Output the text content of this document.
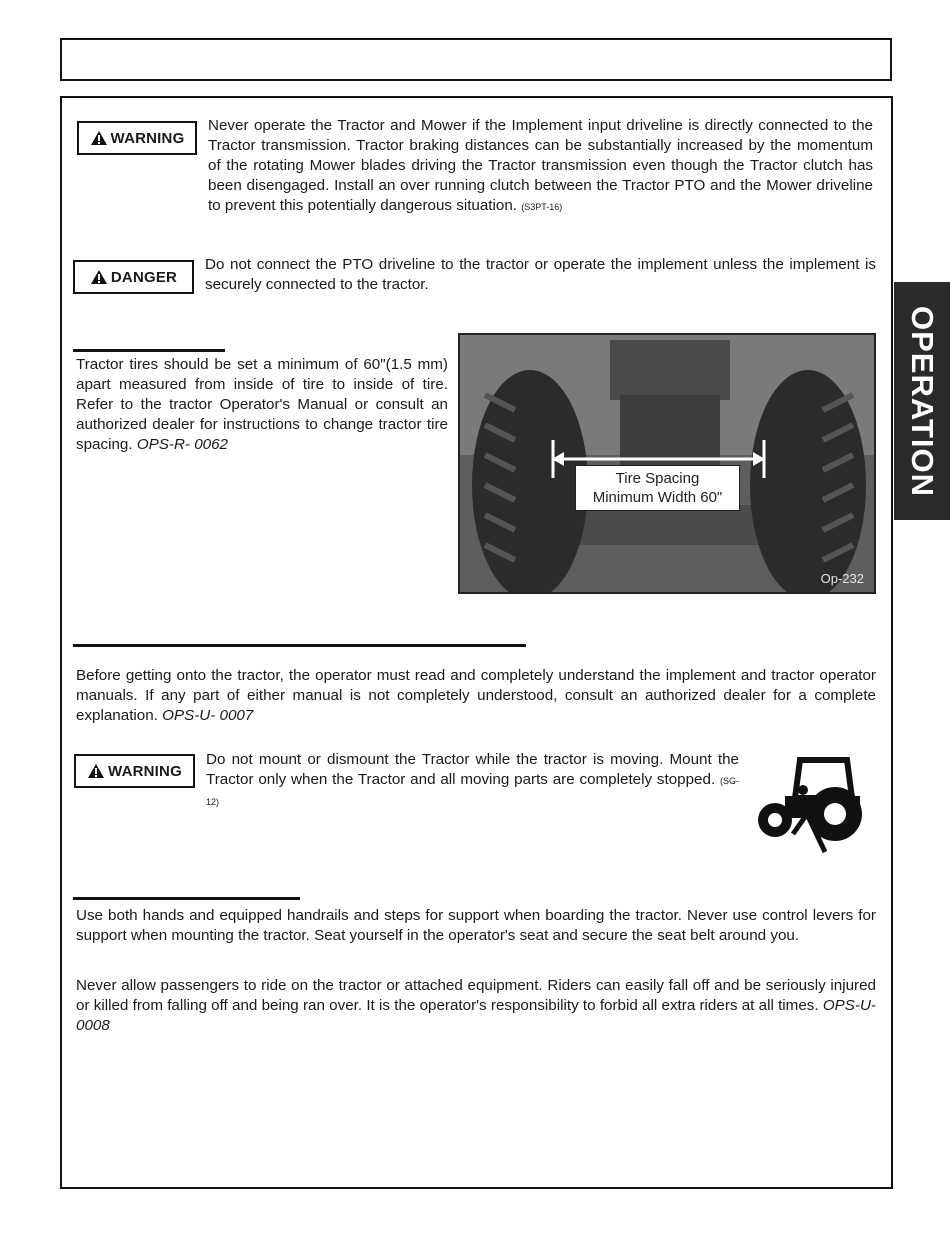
OPERATION
WARNING
Never operate the Tractor and Mower if the Implement input driveline is directly connected to the Tractor transmission. Tractor braking distances can be substantially increased by the momentum of the rotating Mower blades driving the Tractor transmission even though the Tractor clutch has been disengaged. Install an over running clutch between the Tractor PTO and the Mower driveline to prevent this potentially dangerous situation. (S3PT-16)
DANGER
Do not connect the PTO driveline to the tractor or operate the implement unless the implement is securely connected to the tractor.
Tractor tires should be set a minimum of 60"(1.5 mm) apart measured from inside of tire to inside of tire. Refer to the tractor Operator's Manual or consult an authorized dealer for instructions to change tractor tire spacing. OPS-R- 0062
Tire Spacing
Minimum Width 60"
Op-232
Before getting onto the tractor, the operator must read and completely understand the implement and tractor operator manuals. If any part of either manual is not completely understood, consult an authorized dealer for a complete explanation. OPS-U- 0007
WARNING
Do not mount or dismount the Tractor while the tractor is moving. Mount the Tractor only when the Tractor and all moving parts are completely stopped. (SG-12)
Use both hands and equipped handrails and steps for support when boarding the tractor. Never use control levers for support when mounting the tractor. Seat yourself in the operator's seat and secure the seat belt around you.
Never allow passengers to ride on the tractor or attached equipment. Riders can easily fall off and be seriously injured or killed from falling off and being ran over. It is the operator's responsibility to forbid all extra riders at all times. OPS-U- 0008
